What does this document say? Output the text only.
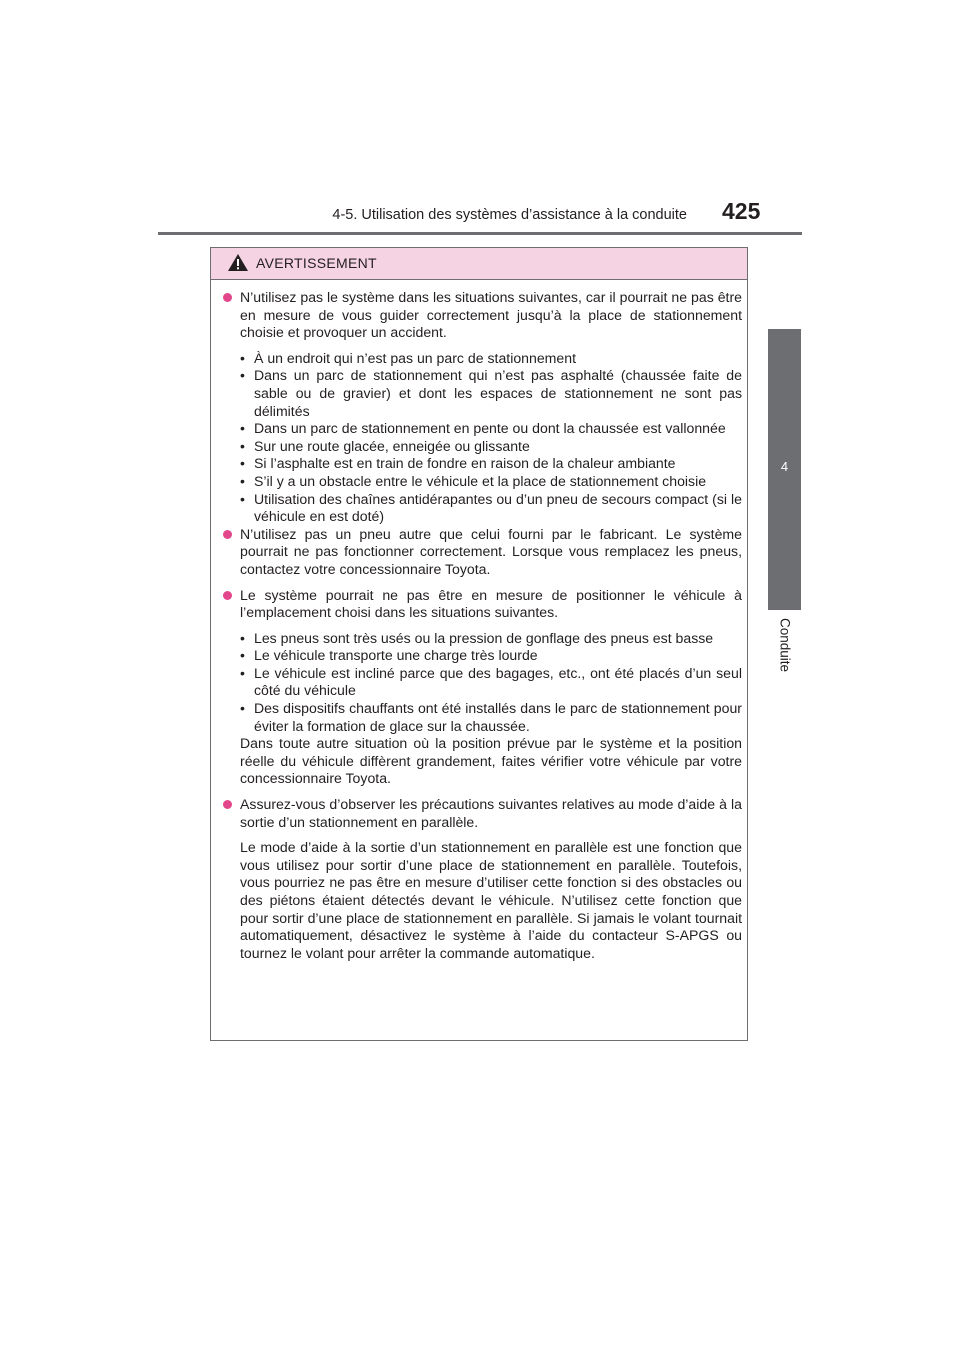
4-5. Utilisation des systèmes d’assistance à la conduite 425
4
Conduite
AVERTISSEMENT

N’utilisez pas le système dans les situations suivantes, car il pourrait ne pas être en mesure de vous guider correctement jusqu’à la place de stationnement choisie et provoquer un accident.

• À un endroit qui n’est pas un parc de stationnement
• Dans un parc de stationnement qui n’est pas asphalté (chaussée faite de sable ou de gravier) et dont les espaces de stationnement ne sont pas délimités
• Dans un parc de stationnement en pente ou dont la chaussée est vallonnée
• Sur une route glacée, enneigée ou glissante
• Si l’asphalte est en train de fondre en raison de la chaleur ambiante
• S’il y a un obstacle entre le véhicule et la place de stationnement choisie
• Utilisation des chaînes antidérapantes ou d’un pneu de secours compact (si le véhicule en est doté)

N’utilisez pas un pneu autre que celui fourni par le fabricant. Le système pourrait ne pas fonctionner correctement. Lorsque vous remplacez les pneus, contactez votre concessionnaire Toyota.

Le système pourrait ne pas être en mesure de positionner le véhicule à l’emplacement choisi dans les situations suivantes.

• Les pneus sont très usés ou la pression de gonflage des pneus est basse
• Le véhicule transporte une charge très lourde
• Le véhicule est incliné parce que des bagages, etc., ont été placés d’un seul côté du véhicule
• Des dispositifs chauffants ont été installés dans le parc de stationnement pour éviter la formation de glace sur la chaussée.

Dans toute autre situation où la position prévue par le système et la position réelle du véhicule diffèrent grandement, faites vérifier votre véhicule par votre concessionnaire Toyota.

Assurez-vous d’observer les précautions suivantes relatives au mode d’aide à la sortie d’un stationnement en parallèle.

Le mode d’aide à la sortie d’un stationnement en parallèle est une fonction que vous utilisez pour sortir d’une place de stationnement en parallèle. Toutefois, vous pourriez ne pas être en mesure d’utiliser cette fonction si des obstacles ou des piétons étaient détectés devant le véhicule. N’utilisez cette fonction que pour sortir d’une place de stationnement en parallèle. Si jamais le volant tournait automatiquement, désactivez le système à l’aide du contacteur S-APGS ou tournez le volant pour arrêter la commande automatique.
